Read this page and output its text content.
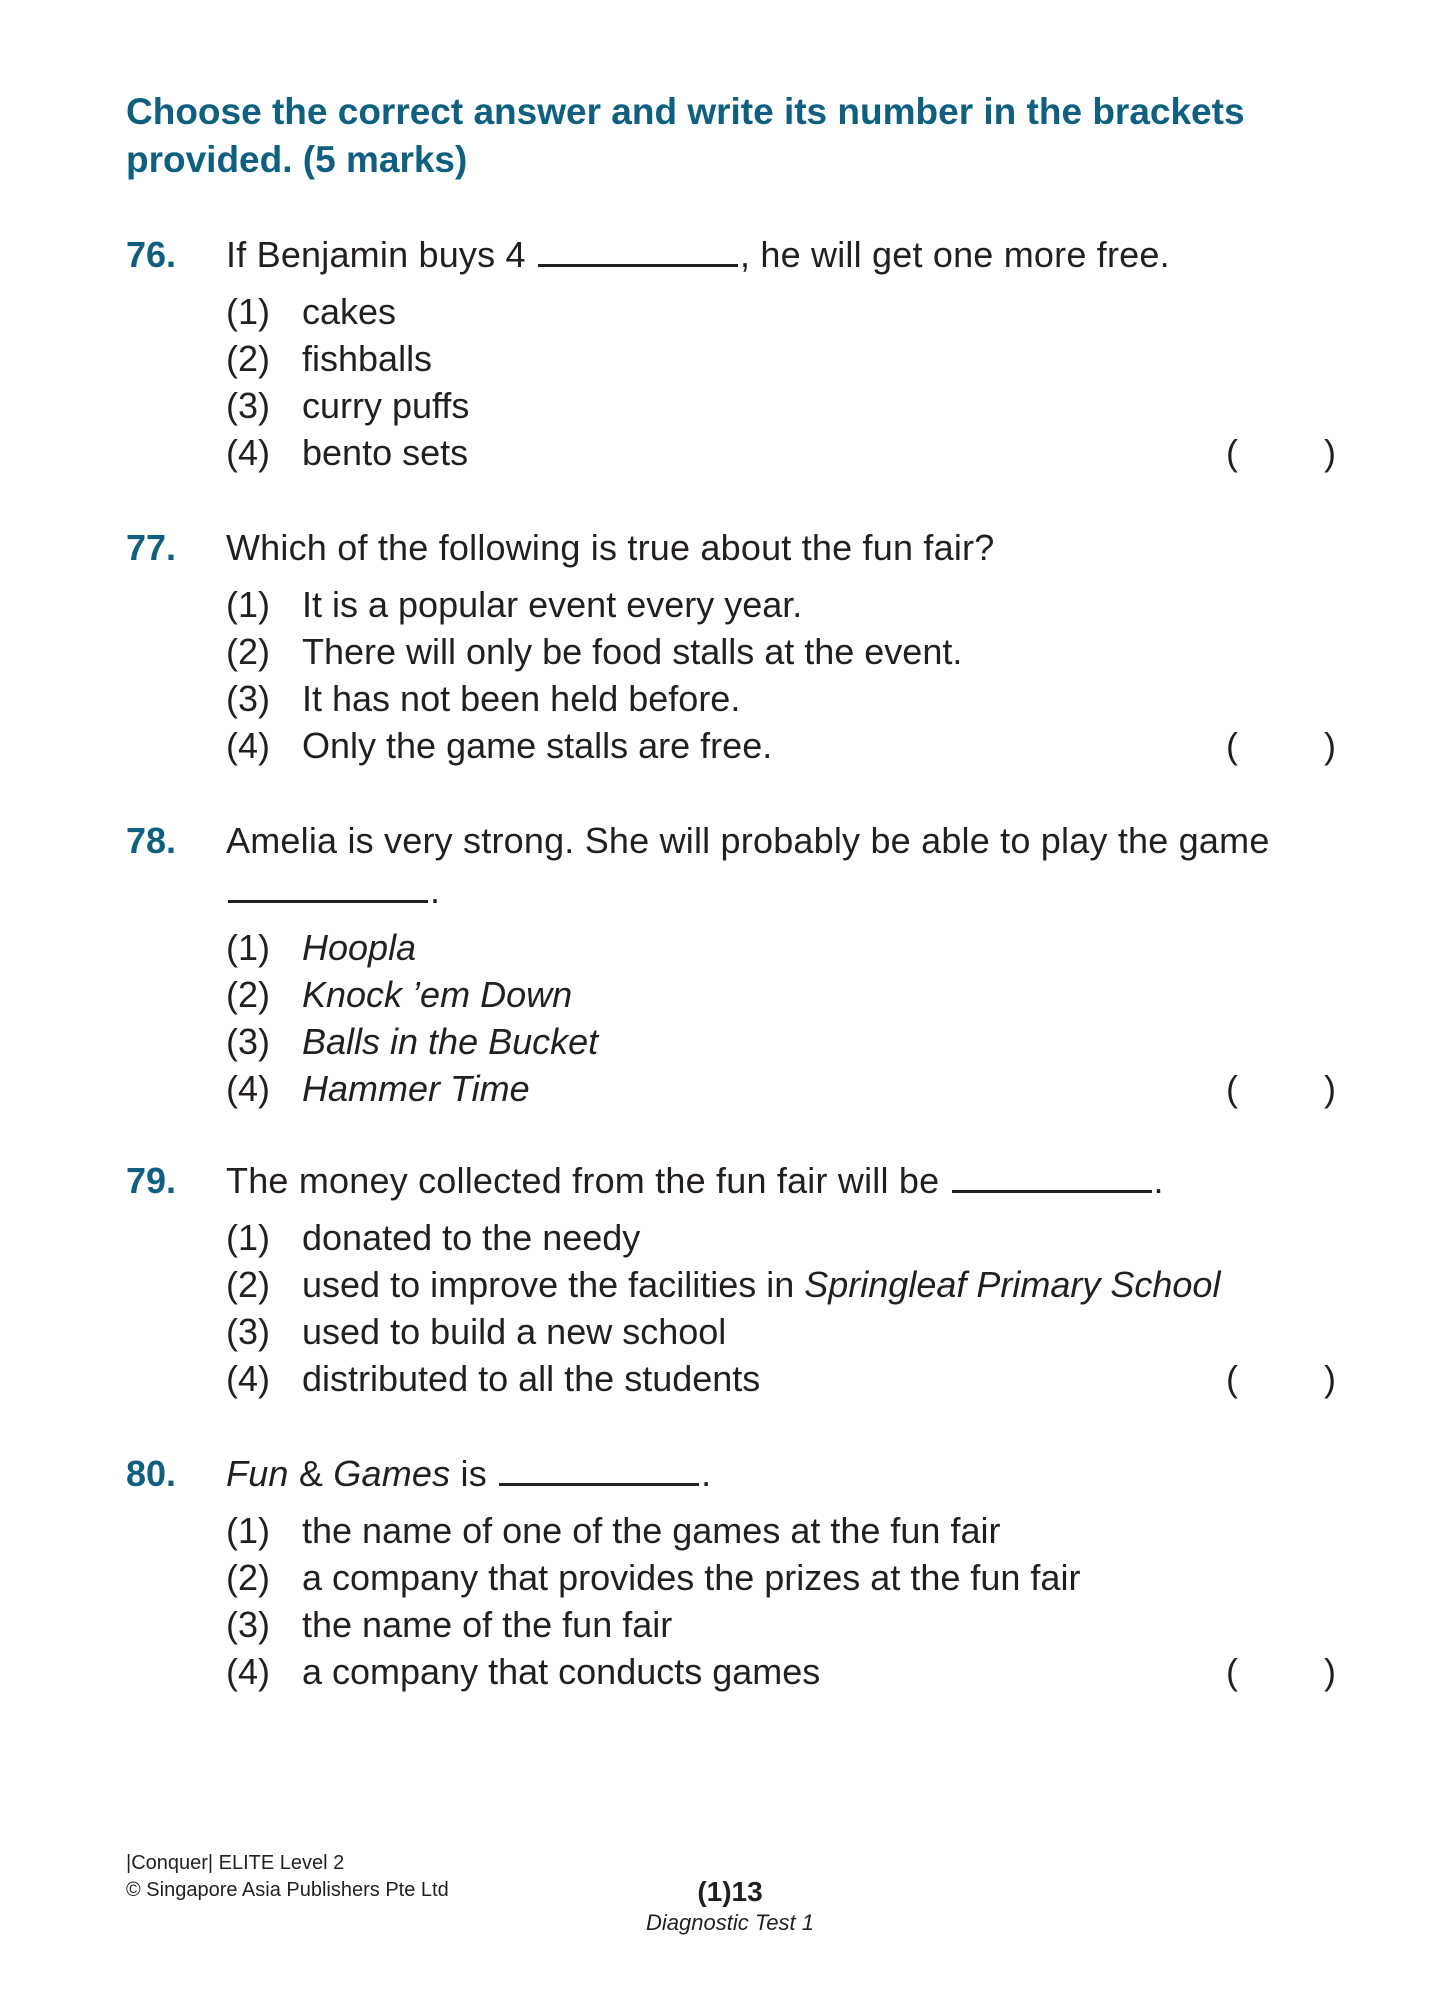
Choose the correct answer and write its number in the brackets provided. (5 marks)
76. If Benjamin buys 4	, he will get one more free.
(1) cakes
(2) fishballs
(3) curry puffs
(4) bento sets	( )
77. Which of the following is true about the fun fair?
(1) It is a popular event every year.
(2) There will only be food stalls at the event.
(3) It has not been held before.
(4) Only the game stalls are free.	( )
78. Amelia is very strong. She will probably be able to play the game
.
(1) Hoopla
(2) Knock ’em Down
(3) Balls in the Bucket
(4) Hammer Time	( )
79. The money collected from the fun fair will be	.
(1) donated to the needy
(2) used to improve the facilities in Springleaf Primary School
(3) used to build a new school
(4) distributed to all the students	( )
80. Fun & Games is	.
(1) the name of one of the games at the fun fair
(2) a company that provides the prizes at the fun fair
(3) the name of the fun fair
(4) a company that conducts games	( )
|Conquer| ELITE Level 2
© Singapore Asia Publishers Pte Ltd	(1)13
Diagnostic Test 1
